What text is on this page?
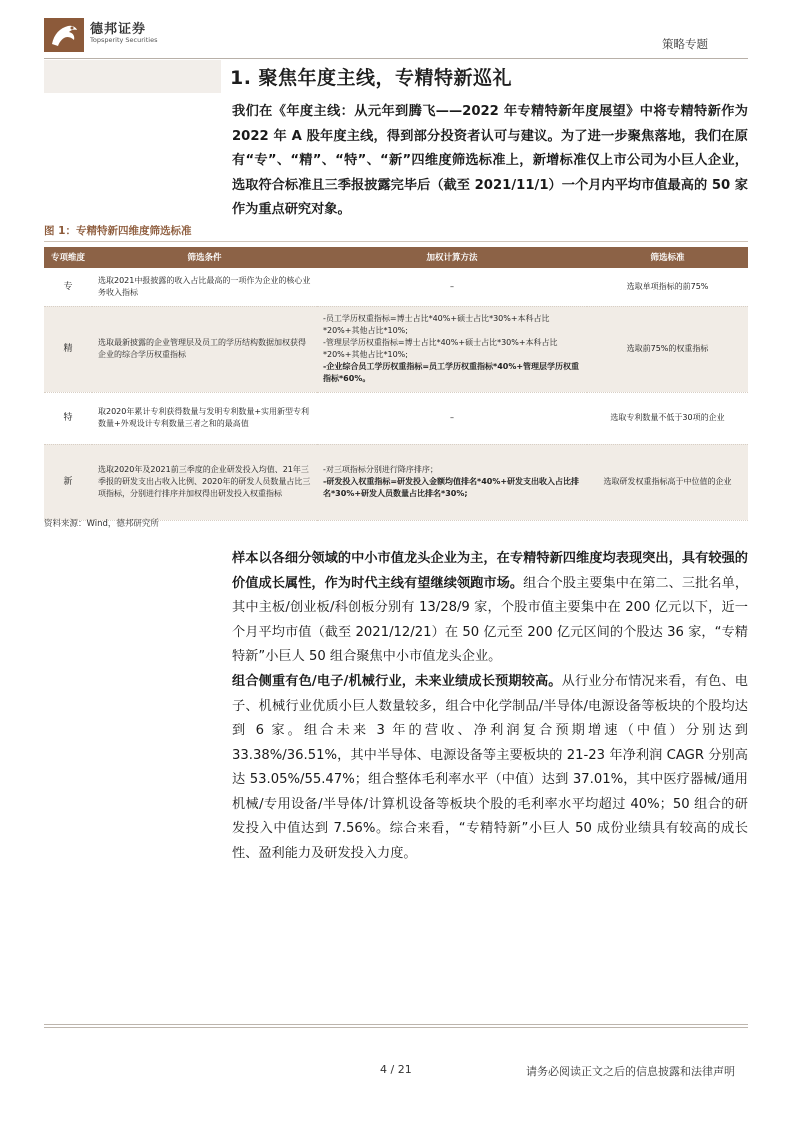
德邦证券
Topsperity Securities	策略专题
1. 聚焦年度主线，专精特新巡礼
我们在《年度主线：从元年到腾飞——2022 年专精特新年度展望》中将专精特新作为 2022 年 A 股年度主线，得到部分投资者认可与建议。为了进一步聚焦落地，我们在原有“专”、“精”、“特”、“新”四维度筛选标准上，新增标准仅上市公司为小巨人企业，选取符合标准且三季报披露完毕后（截至 2021/11/1）一个月内平均市值最高的 50 家作为重点研究对象。
图 1：专精特新四维度筛选标准
专项维度	筛选条件	加权计算方法	筛选标准
专	选取2021中报披露的收入占比最高的一项作为企业的核心业务收入指标	–	选取单项指标的前75%
精	选取最新披露的企业管理层及员工的学历结构数据加权获得企业的综合学历权重指标	-员工学历权重指标=博士占比*40%+硕士占比*30%+本科占比*20%+其他占比*10%;
-管理层学历权重指标=博士占比*40%+硕士占比*30%+本科占比*20%+其他占比*10%;
-企业综合员工学历权重指标=员工学历权重指标*40%+管理层学历权重指标*60%。	选取前75%的权重指标
特	取2020年累计专利获得数量与发明专利数量+实用新型专利数量+外观设计专利数量三者之和的最高值	–	选取专利数量不低于30项的企业
新	选取2020年及2021前三季度的企业研发投入均值、21年三季报的研发支出占收入比例、2020年的研发人员数量占比三项指标，分别进行排序并加权得出研发投入权重指标	-对三项指标分别进行降序排序；
-研发投入权重指标=研发投入金额均值排名*40%+研发支出收入占比排名*30%+研发人员数量占比排名*30%;	选取研发权重指标高于中位值的企业
资料来源：Wind，德邦研究所
样本以各细分领域的中小市值龙头企业为主，在专精特新四维度均表现突出，具有较强的价值成长属性，作为时代主线有望继续领跑市场。组合个股主要集中在第二、三批名单，其中主板/创业板/科创板分别有 13/28/9 家，个股市值主要集中在 200 亿元以下，近一个月平均市值（截至 2021/12/21）在 50 亿元至 200 亿元区间的个股达 36 家，“专精特新”小巨人 50 组合聚焦中小市值龙头企业。
组合侧重有色/电子/机械行业，未来业绩成长预期较高。从行业分布情况来看，有色、电子、机械行业优质小巨人数量较多，组合中化学制品/半导体/电源设备等板块的个股均达到 6 家。组合未来 3 年的营收、净利润复合预期增速（中值）分别达到 33.38%/36.51%，其中半导体、电源设备等主要板块的 21-23 年净利润 CAGR 分别高达 53.05%/55.47%；组合整体毛利率水平（中值）达到 37.01%，其中医疗器械/通用机械/专用设备/半导体/计算机设备等板块个股的毛利率水平均超过 40%；50 组合的研发投入中值达到 7.56%。综合来看，“专精特新”小巨人 50 成份业绩具有较高的成长性、盈利能力及研发投入力度。
4 / 21	请务必阅读正文之后的信息披露和法律声明
